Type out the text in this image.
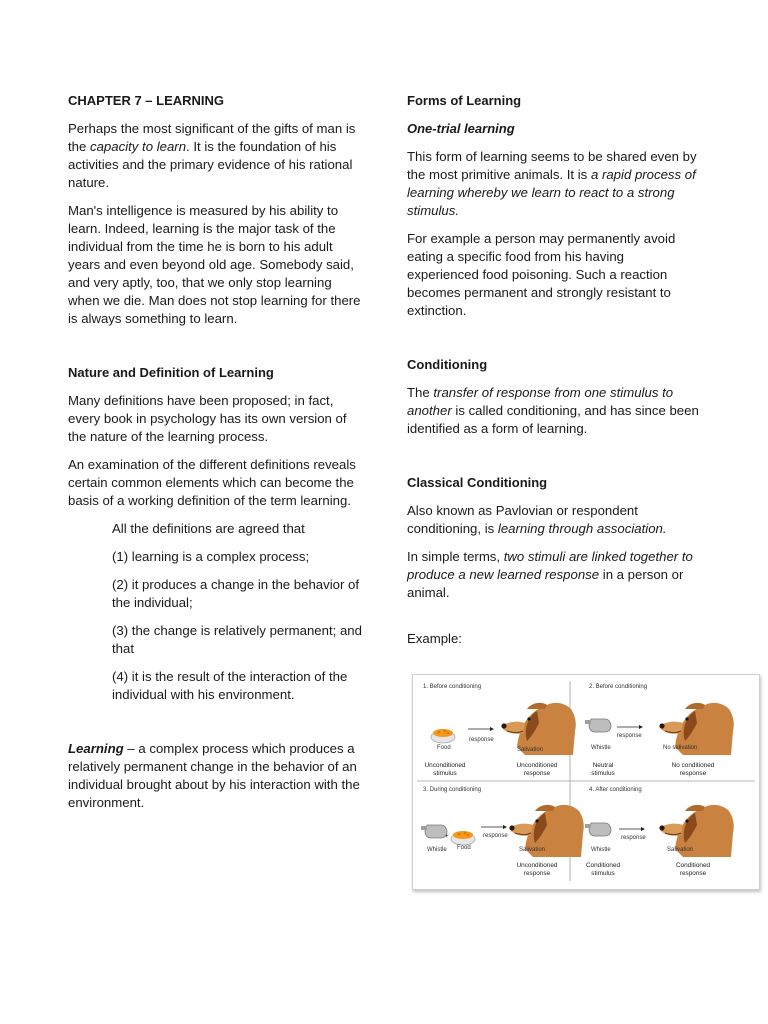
CHAPTER 7 – LEARNING

Perhaps the most significant of the gifts of man is the capacity to learn. It is the foundation of his activities and the primary evidence of his rational nature.

Man's intelligence is measured by his ability to learn. Indeed, learning is the major task of the individual from the time he is born to his adult years and even beyond old age. Somebody said, and very aptly, too, that we only stop learning when we die. Man does not stop learning for there is always something to learn.

Nature and Definition of Learning

Many definitions have been proposed; in fact, every book in psychology has its own version of the nature of the learning process.

An examination of the different definitions reveals certain common elements which can become the basis of a working definition of the term learning.

All the definitions are agreed that

(1) learning is a complex process;

(2) it produces a change in the behavior of the individual;

(3) the change is relatively permanent; and that

(4) it is the result of the interaction of the individual with his environment.

Learning – a complex process which produces a relatively permanent change in the behavior of an individual brought about by his interaction with the environment.

Forms of Learning
One-trial learning

This form of learning seems to be shared even by the most primitive animals. It is a rapid process of learning whereby we learn to react to a strong stimulus.

For example a person may permanently avoid eating a specific food from his having experienced food poisoning. Such a reaction becomes permanent and strongly resistant to extinction.

Conditioning

The transfer of response from one stimulus to another is called conditioning, and has since been identified as a form of learning.

Classical Conditioning

Also known as Pavlovian or respondent conditioning, is learning through association.

In simple terms, two stimuli are linked together to produce a new learned response in a person or animal.

Example:

1. Before conditioning
Food
response
Salivation
Unconditioned
stimulus
Unconditioned
response
2. Before conditioning
Whistle
response
No salivation
Neutral
stimulus
No conditioned
response
3. During conditioning
+
Whistle Food
response
Salivation
Unconditioned
response
4. After conditioning
Whistle
response
Salivation
Conditioned
stimulus
Conditioned
response
